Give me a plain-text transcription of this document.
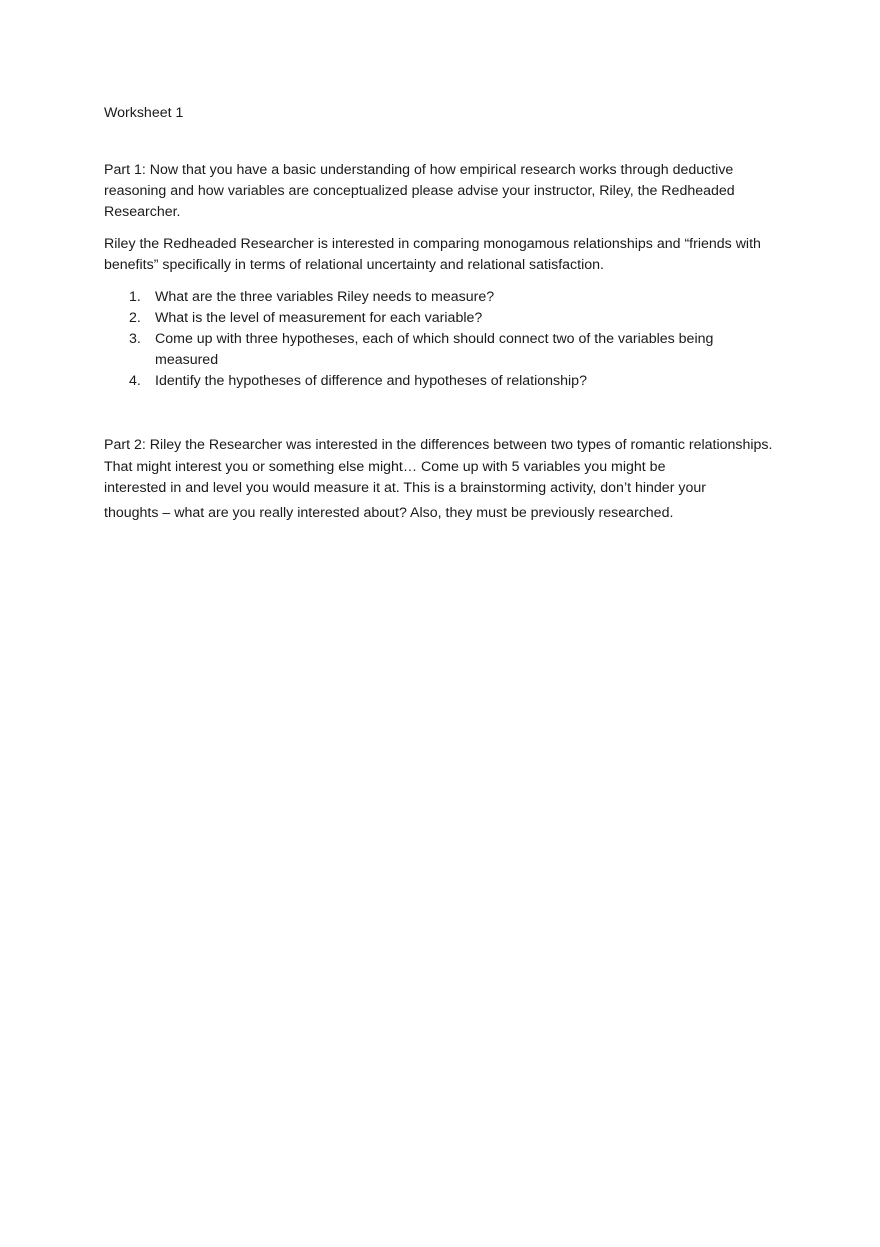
Worksheet 1

Part 1: Now that you have a basic understanding of how empirical research works through deductive reasoning and how variables are conceptualized please advise your instructor, Riley, the Redheaded Researcher.

Riley the Redheaded Researcher is interested in comparing monogamous relationships and “friends with benefits” specifically in terms of relational uncertainty and relational satisfaction.

1. What are the three variables Riley needs to measure?
2. What is the level of measurement for each variable?
3. Come up with three hypotheses, each of which should connect two of the variables being measured
4. Identify the hypotheses of difference and hypotheses of relationship?

Part 2: Riley the Researcher was interested in the differences between two types of romantic relationships. That might interest you or something else might… Come up with 5 variables you might be
interested in and level you would measure it at. This is a brainstorming activity, don’t hinder your
thoughts – what are you really interested about? Also, they must be previously researched.
